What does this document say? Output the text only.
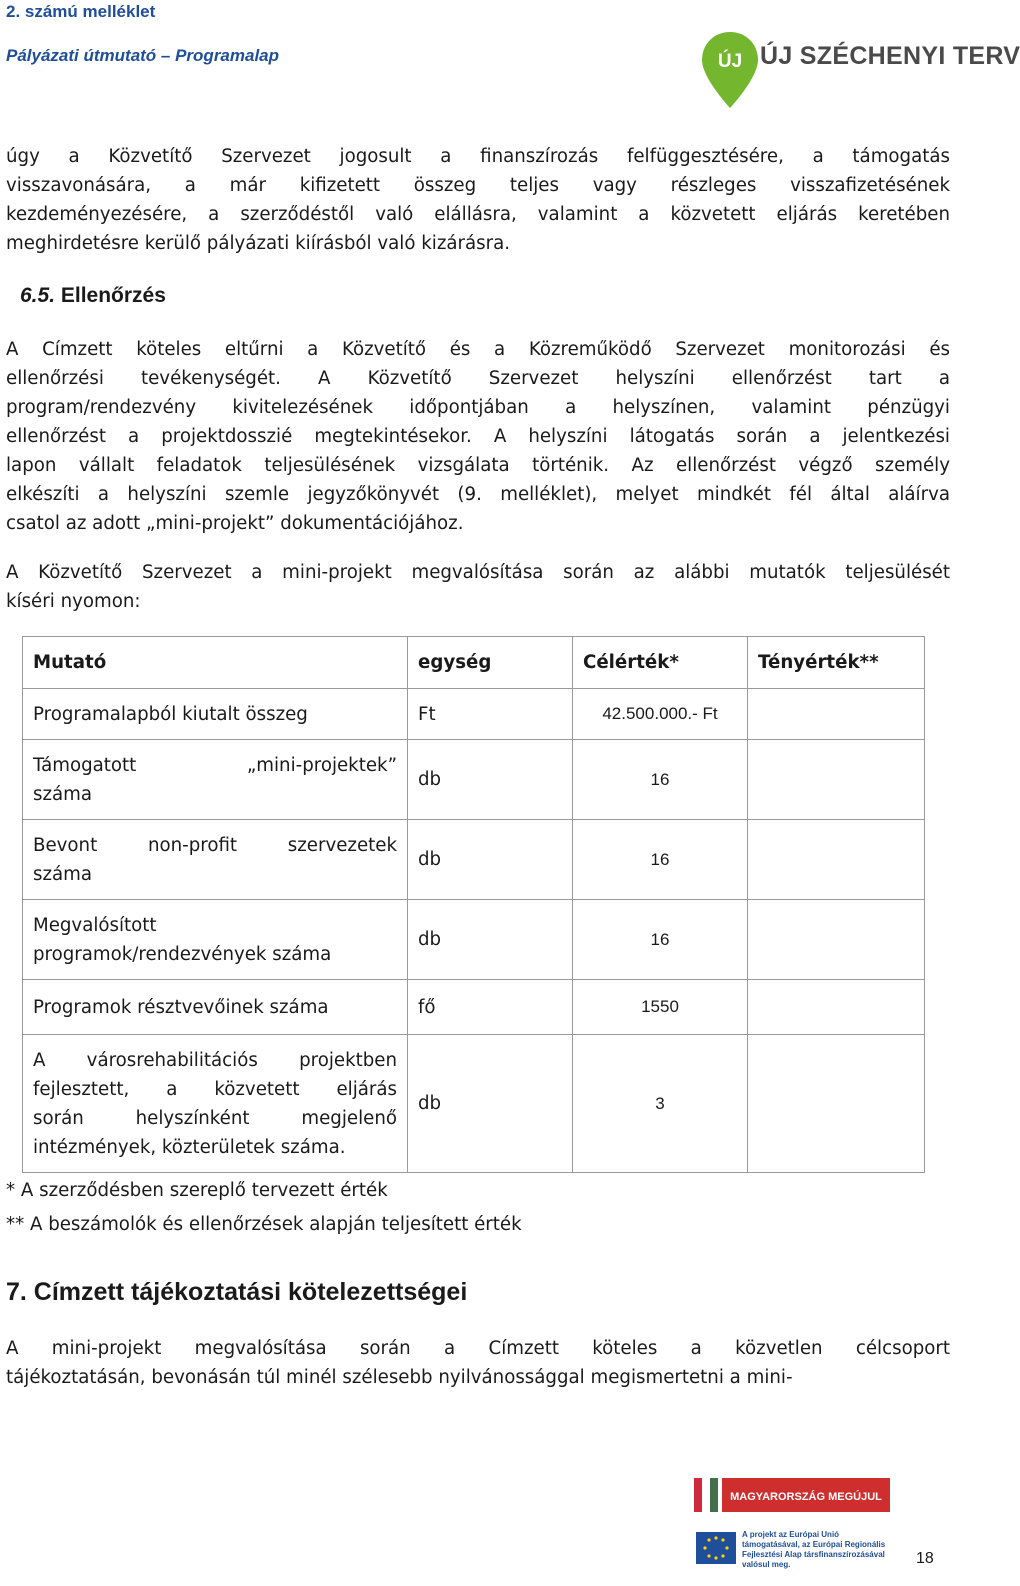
2. számú melléklet
Pályázati útmutató – Programalap	ÚJ ÚJ SZÉCHENYI TERV
úgy a Közvetítő Szervezet jogosult a finanszírozás felfüggesztésére, a támogatás
visszavonására, a már kifizetett összeg teljes vagy részleges visszafizetésének
kezdeményezésére, a szerződéstől való elállásra, valamint a közvetett eljárás keretében
meghirdetésre kerülő pályázati kiírásból való kizárásra.
6.5. Ellenőrzés
A Címzett köteles eltűrni a Közvetítő és a Közreműködő Szervezet monitorozási és
ellenőrzési tevékenységét. A Közvetítő Szervezet helyszíni ellenőrzést tart a
program/rendezvény kivitelezésének időpontjában a helyszínen, valamint pénzügyi
ellenőrzést a projektdosszié megtekintésekor. A helyszíni látogatás során a jelentkezési
lapon vállalt feladatok teljesülésének vizsgálata történik. Az ellenőrzést végző személy
elkészíti a helyszíni szemle jegyzőkönyvét (9. melléklet), melyet mindkét fél által aláírva
csatol az adott „mini-projekt” dokumentációjához.
A Közvetítő Szervezet a mini-projekt megvalósítása során az alábbi mutatók teljesülését
kíséri nyomon:
Mutató	egység	Célérték*	Tényérték**

Programalapból kiutalt összeg	Ft	42.500.000.- Ft	

Támogatott „mini-projektek”
száma	db	16	

Bevont non-profit szervezetek
száma	db	16	

Megvalósított
programok/rendezvények száma	db	16	

Programok résztvevőinek száma	fő	1550	

A városrehabilitációs projektben
fejlesztett, a közvetett eljárás
során helyszínként megjelenő
intézmények, közterületek száma.	db	3	
* A szerződésben szereplő tervezett érték
** A beszámolók és ellenőrzések alapján teljesített érték
7. Címzett tájékoztatási kötelezettségei
A mini-projekt megvalósítása során a Címzett köteles a közvetlen célcsoport
tájékoztatásán, bevonásán túl minél szélesebb nyilvánossággal megismertetni a mini-
MAGYARORSZÁG MEGÚJUL
A projekt az Európai Unió támogatásával, az Európai Regionális Fejlesztési Alap társfinanszírozásával valósul meg.	18
